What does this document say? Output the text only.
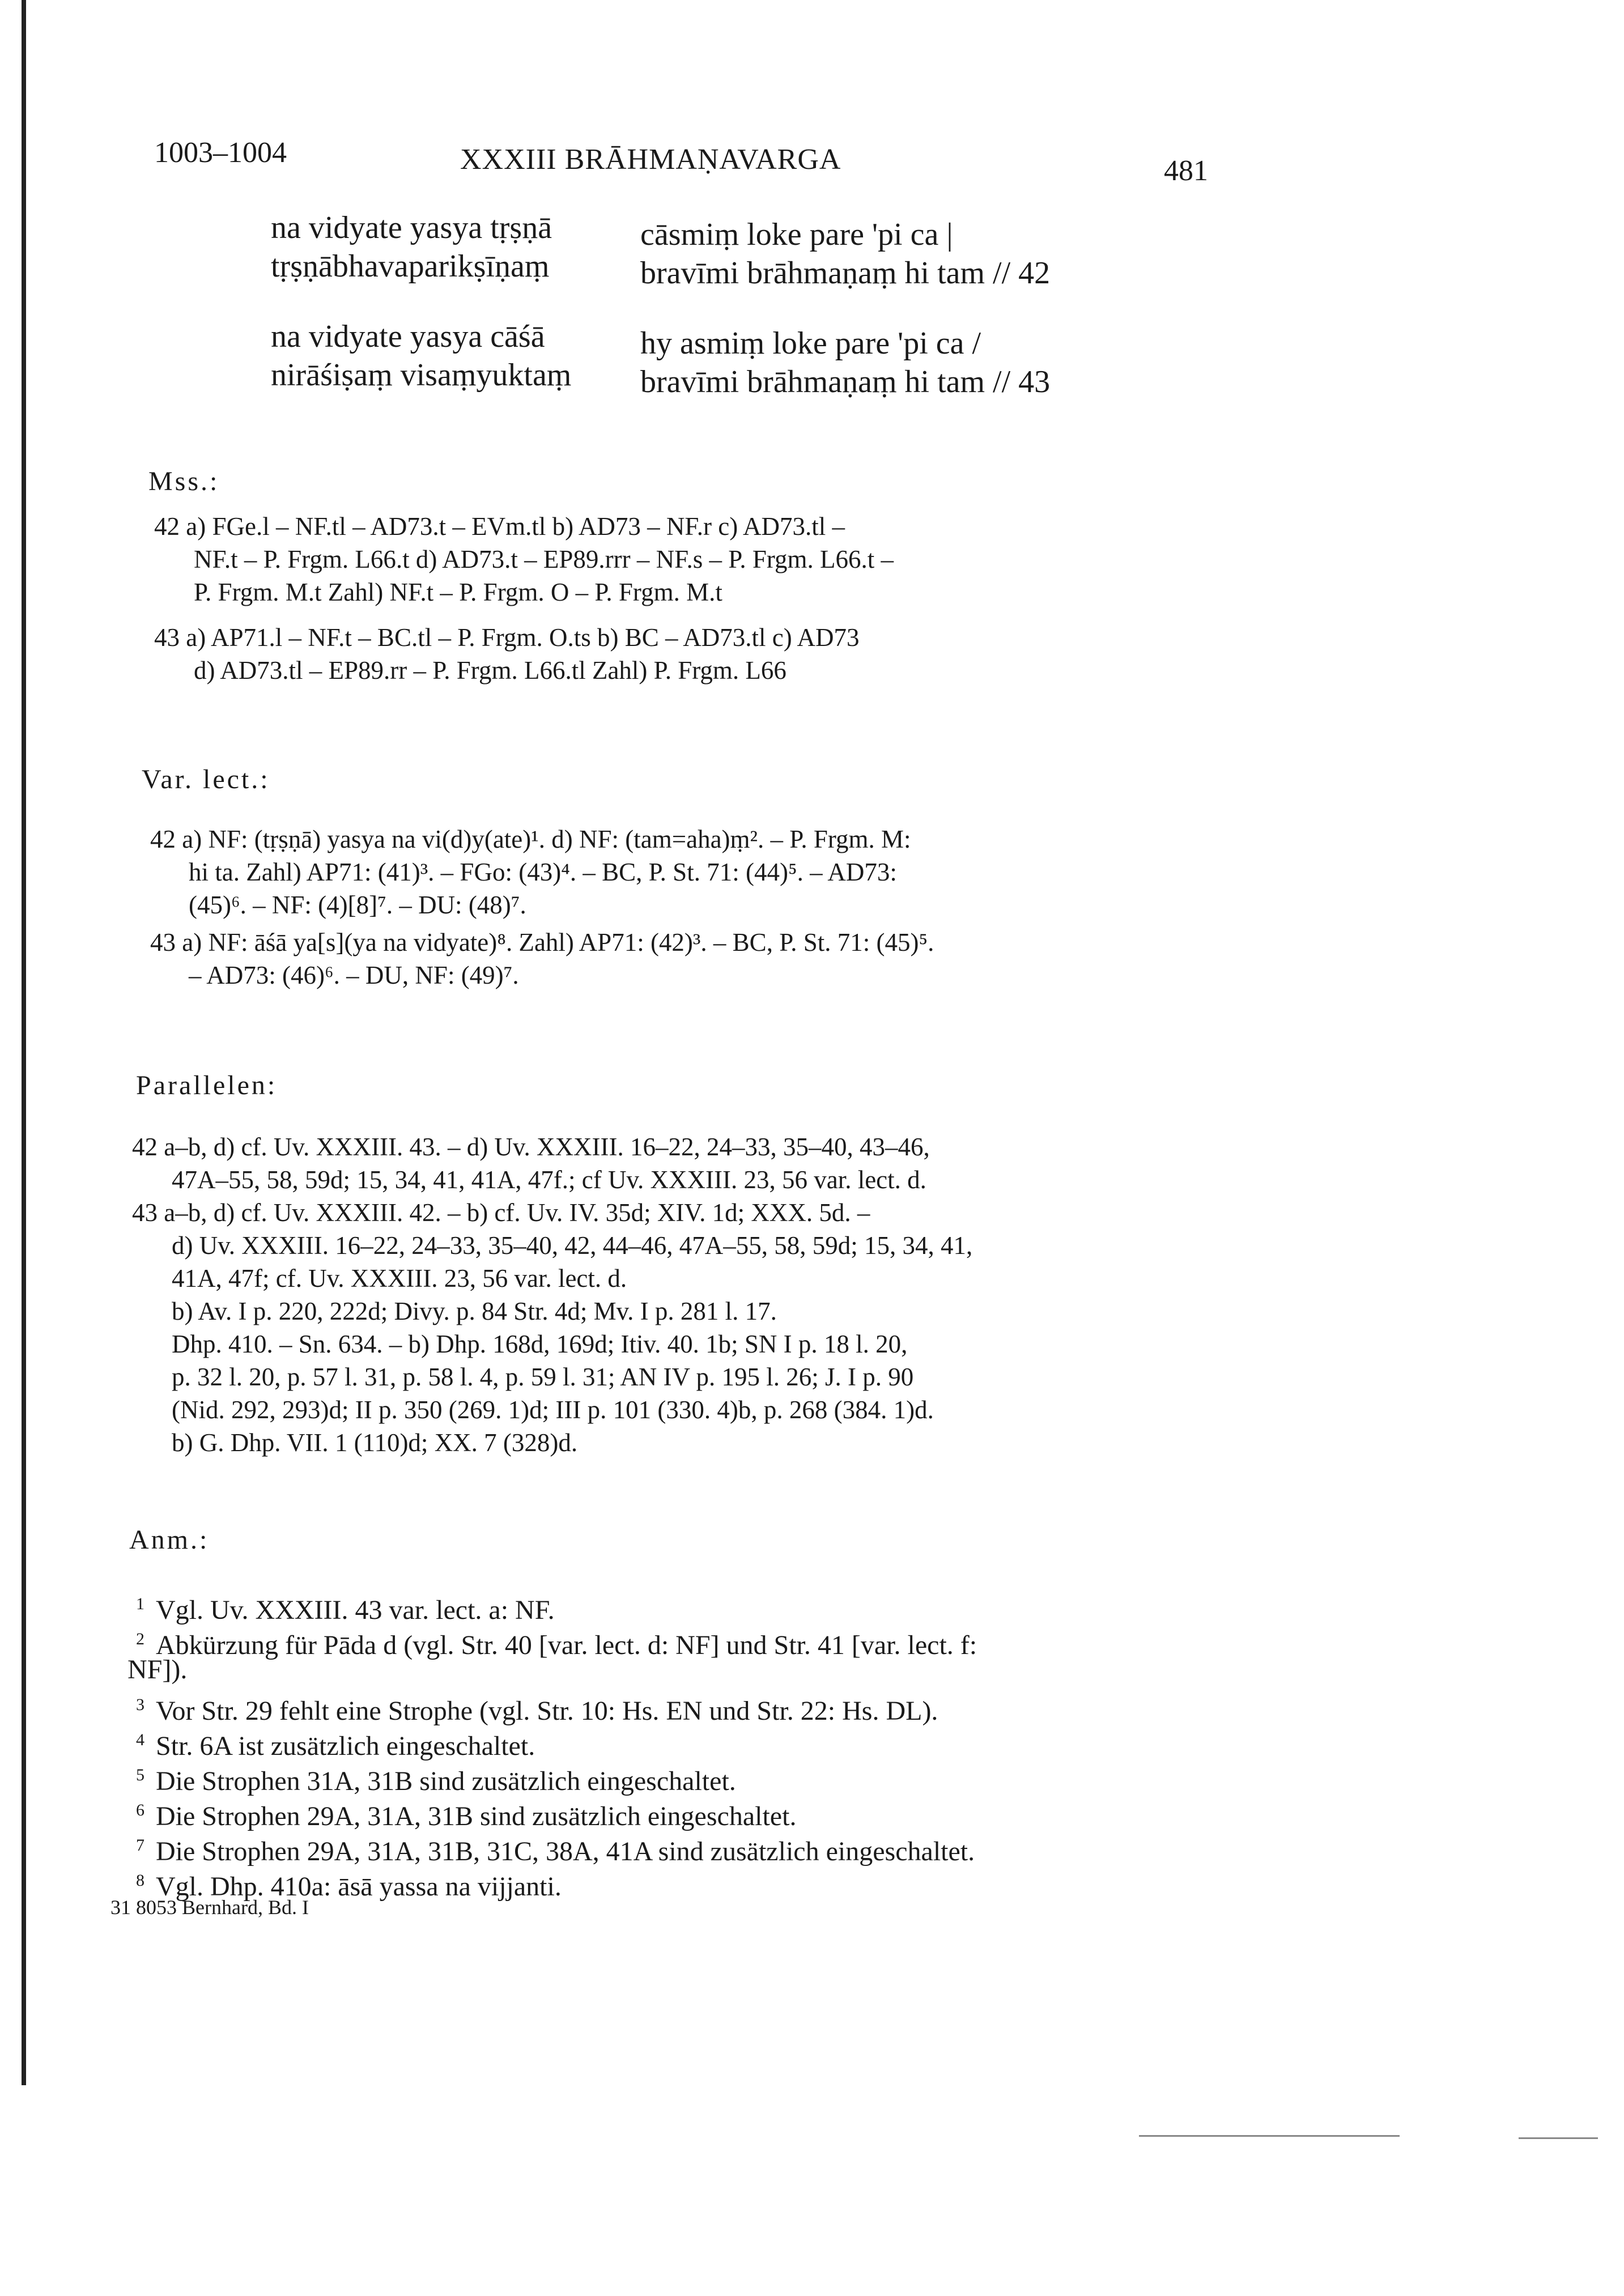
1003–1004	XXXIII BRĀHMAṆAVARGA	481
na vidyate yasya tṛṣṇā
tṛṣṇābhavaparikṣīṇaṃ
cāsmiṃ loke pare 'pi ca |
bravīmi brāhmaṇaṃ hi tam // 42
na vidyate yasya cāśā
nirāśiṣaṃ visaṃyuktaṃ
hy asmiṃ loke pare 'pi ca /
bravīmi brāhmaṇaṃ hi tam // 43
Mss.:
42 a) FGe.l – NF.tl – AD73.t – EVm.tl b) AD73 – NF.r c) AD73.tl –
NF.t – P. Frgm. L66.t d) AD73.t – EP89.rrr – NF.s – P. Frgm. L66.t –
P. Frgm. M.t Zahl) NF.t – P. Frgm. O – P. Frgm. M.t
43 a) AP71.l – NF.t – BC.tl – P. Frgm. O.ts b) BC – AD73.tl c) AD73
d) AD73.tl – EP89.rr – P. Frgm. L66.tl Zahl) P. Frgm. L66
Var. lect.:
42 a) NF: (tṛṣṇā) yasya na vi(d)y(ate)¹. d) NF: (tam=aha)ṃ². – P. Frgm. M:
hi ta. Zahl) AP71: (41)³. – FGo: (43)⁴. – BC, P. St. 71: (44)⁵. – AD73:
(45)⁶. – NF: (4)[8]⁷. – DU: (48)⁷.
43 a) NF: āśā ya[s](ya na vidyate)⁸. Zahl) AP71: (42)³. – BC, P. St. 71: (45)⁵.
– AD73: (46)⁶. – DU, NF: (49)⁷.
Parallelen:
42 a–b, d) cf. Uv. XXXIII. 43. – d) Uv. XXXIII. 16–22, 24–33, 35–40, 43–46,
47A–55, 58, 59d; 15, 34, 41, 41A, 47f.; cf Uv. XXXIII. 23, 56 var. lect. d.
43 a–b, d) cf. Uv. XXXIII. 42. – b) cf. Uv. IV. 35d; XIV. 1d; XXX. 5d. –
d) Uv. XXXIII. 16–22, 24–33, 35–40, 42, 44–46, 47A–55, 58, 59d; 15, 34, 41,
41A, 47f; cf. Uv. XXXIII. 23, 56 var. lect. d.
b) Av. I p. 220, 222d; Divy. p. 84 Str. 4d; Mv. I p. 281 l. 17.
Dhp. 410. – Sn. 634. – b) Dhp. 168d, 169d; Itiv. 40. 1b; SN I p. 18 l. 20,
p. 32 l. 20, p. 57 l. 31, p. 58 l. 4, p. 59 l. 31; AN IV p. 195 l. 26; J. I p. 90
(Nid. 292, 293)d; II p. 350 (269. 1)d; III p. 101 (330. 4)b, p. 268 (384. 1)d.
b) G. Dhp. VII. 1 (110)d; XX. 7 (328)d.
Anm.:
$^1$ Vgl. Uv. XXXIII. 43 var. lect. a: NF.
$^2$ Abkürzung für Pāda d (vgl. Str. 40 [var. lect. d: NF] und Str. 41 [var. lect. f:
NF]).
$^3$ Vor Str. 29 fehlt eine Strophe (vgl. Str. 10: Hs. EN und Str. 22: Hs. DL).
$^4$ Str. 6A ist zusätzlich eingeschaltet.
$^5$ Die Strophen 31A, 31B sind zusätzlich eingeschaltet.
$^6$ Die Strophen 29A, 31A, 31B sind zusätzlich eingeschaltet.
$^7$ Die Strophen 29A, 31A, 31B, 31C, 38A, 41A sind zusätzlich eingeschaltet.
$^8$ Vgl. Dhp. 410a: āsā yassa na vijjanti.
31 8053 Bernhard, Bd. I
